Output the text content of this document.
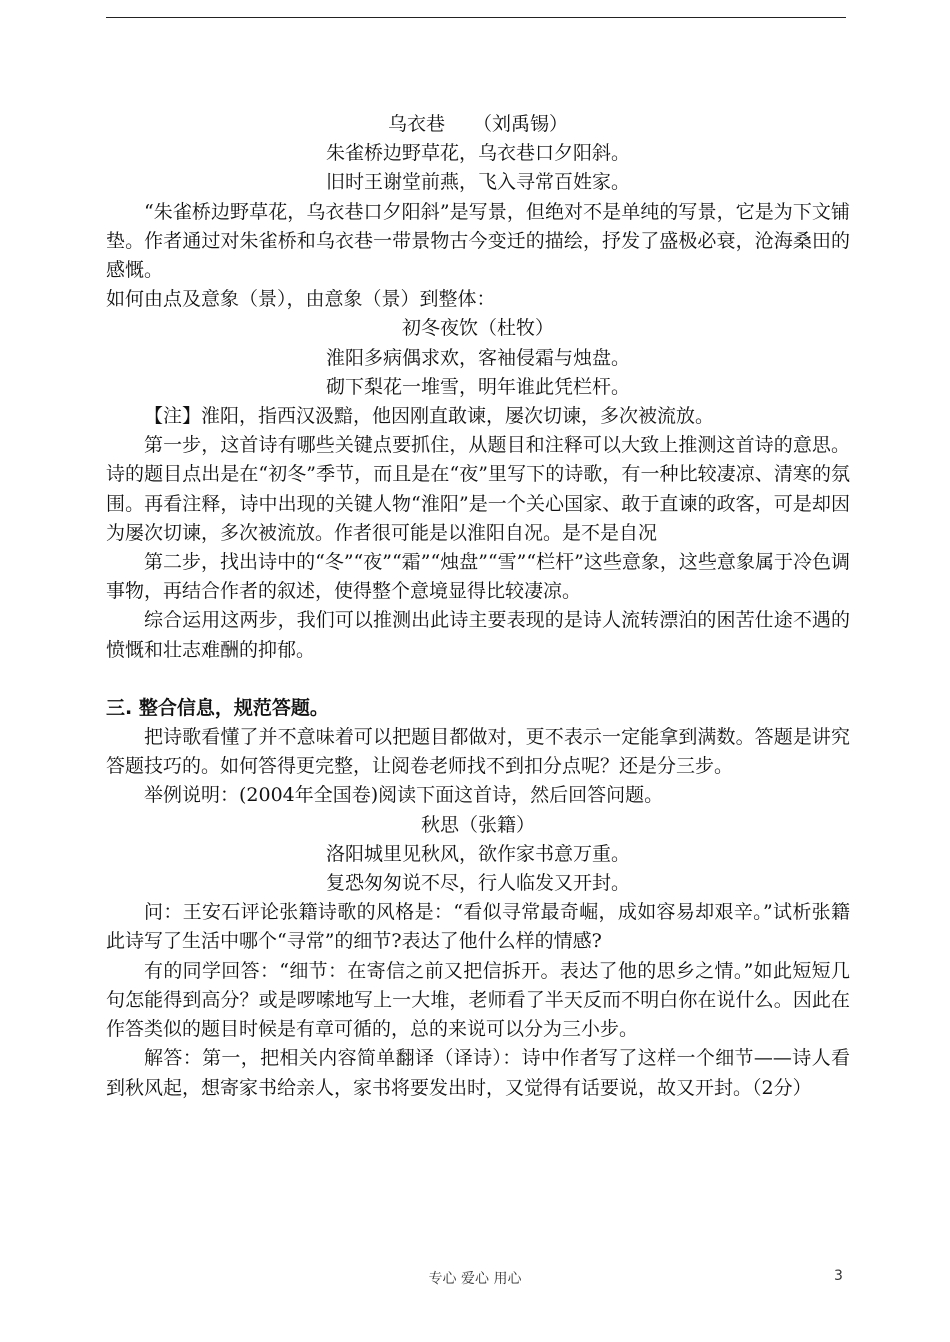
乌衣巷 （刘禹锡）

朱雀桥边野草花，乌衣巷口夕阳斜。

旧时王谢堂前燕，飞入寻常百姓家。

“朱雀桥边野草花，乌衣巷口夕阳斜”是写景，但绝对不是单纯的写景，它是为下文铺垫。作者通过对朱雀桥和乌衣巷一带景物古今变迁的描绘，抒发了盛极必衰，沧海桑田的感慨。

如何由点及意象（景），由意象（景）到整体：

初冬夜饮（杜牧）

淮阳多病偶求欢，客袖侵霜与烛盘。

砌下梨花一堆雪，明年谁此凭栏杆。

【注】淮阳，指西汉汲黯，他因刚直敢谏，屡次切谏，多次被流放。

第一步，这首诗有哪些关键点要抓住，从题目和注释可以大致上推测这首诗的意思。诗的题目点出是在“初冬”季节，而且是在“夜”里写下的诗歌，有一种比较凄凉、清寒的氛围。再看注释，诗中出现的关键人物“淮阳”是一个关心国家、敢于直谏的政客，可是却因为屡次切谏，多次被流放。作者很可能是以淮阳自况。是不是自况

第二步，找出诗中的“冬”“夜”“霜”“烛盘”“雪”“栏杆”这些意象，这些意象属于冷色调事物，再结合作者的叙述，使得整个意境显得比较凄凉。

综合运用这两步，我们可以推测出此诗主要表现的是诗人流转漂泊的困苦仕途不遇的愤慨和壮志难酬的抑郁。

三. 整合信息，规范答题。

把诗歌看懂了并不意味着可以把题目都做对，更不表示一定能拿到满数。答题是讲究答题技巧的。如何答得更完整，让阅卷老师找不到扣分点呢？还是分三步。

举例说明：(2004年全国卷)阅读下面这首诗，然后回答问题。

秋思（张籍）

洛阳城里见秋风，欲作家书意万重。

复恐匆匆说不尽，行人临发又开封。

问：王安石评论张籍诗歌的风格是：“看似寻常最奇崛，成如容易却艰辛。”试析张籍此诗写了生活中哪个“寻常”的细节?表达了他什么样的情感?

有的同学回答：“细节：在寄信之前又把信拆开。表达了他的思乡之情。”如此短短几句怎能得到高分？或是啰嗦地写上一大堆，老师看了半天反而不明白你在说什么。因此在作答类似的题目时候是有章可循的，总的来说可以分为三小步。

解答：第一，把相关内容简单翻译（译诗）：诗中作者写了这样一个细节——诗人看到秋风起，想寄家书给亲人，家书将要发出时，又觉得有话要说，故又开封。（2分）

专心 爱心 用心	3
